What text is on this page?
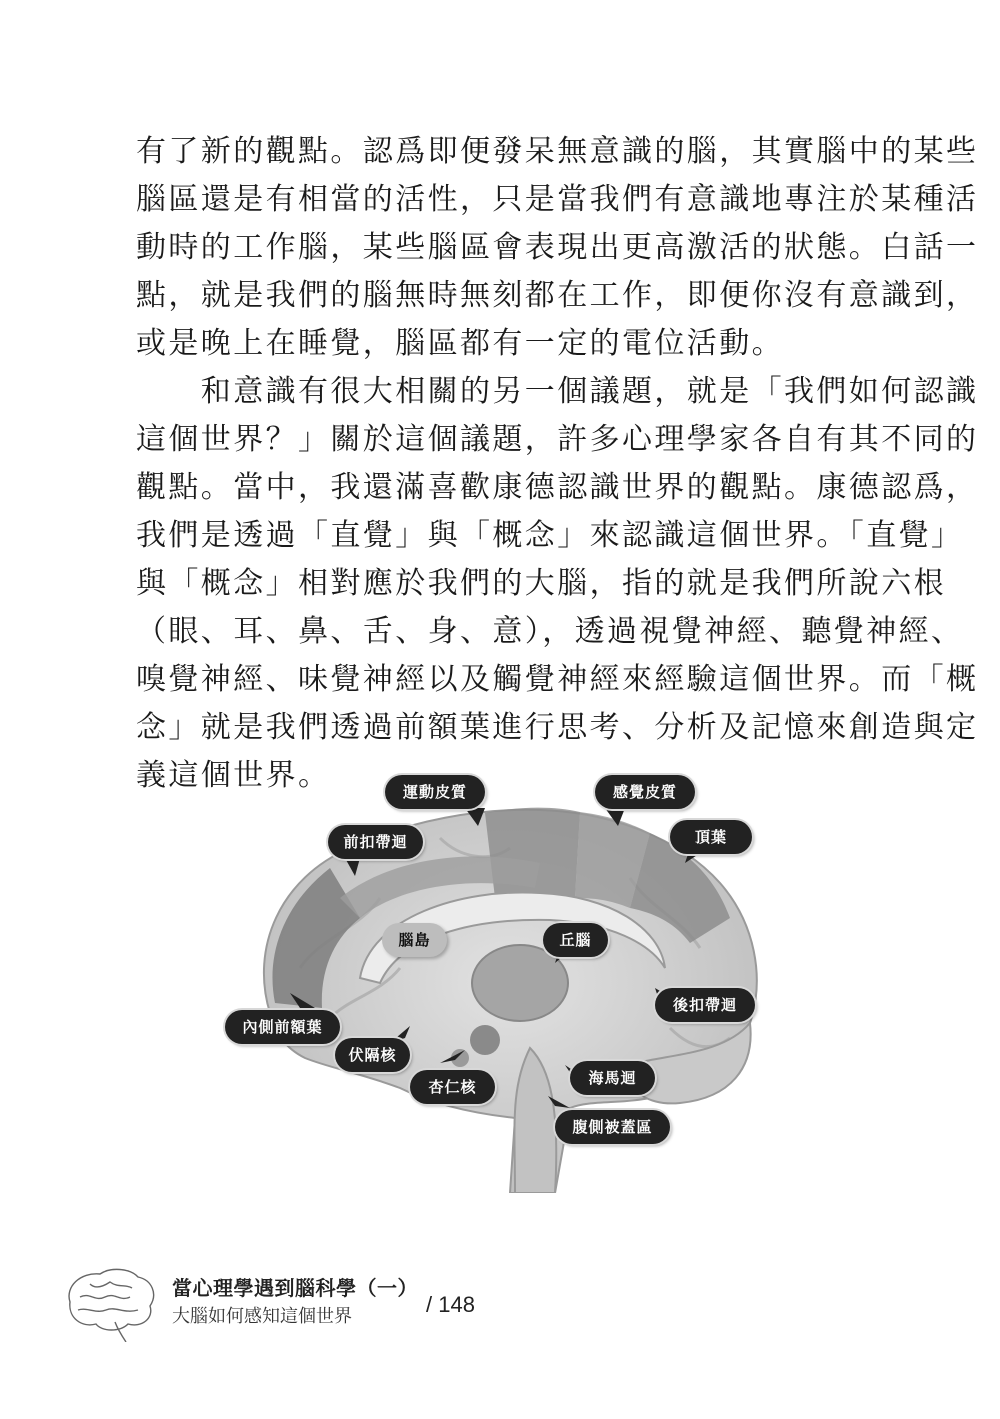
有了新的觀點。認爲即便發呆無意識的腦，其實腦中的某些
腦區還是有相當的活性，只是當我們有意識地專注於某種活
動時的工作腦，某些腦區會表現出更高激活的狀態。白話一
點，就是我們的腦無時無刻都在工作，即便你沒有意識到，
或是晚上在睡覺，腦區都有一定的電位活動。
　　和意識有很大相關的另一個議題，就是「我們如何認識
這個世界？」關於這個議題，許多心理學家各自有其不同的
觀點。當中，我還滿喜歡康德認識世界的觀點。康德認爲，
我們是透過「直覺」與「概念」來認識這個世界。「直覺」
與「概念」相對應於我們的大腦，指的就是我們所說六根
（眼、耳、鼻、舌、身、意），透過視覺神經、聽覺神經、
嗅覺神經、味覺神經以及觸覺神經來經驗這個世界。而「概
念」就是我們透過前額葉進行思考、分析及記憶來創造與定
義這個世界。	運動皮質	感覺皮質
前扣帶迴	頂葉
腦島	丘腦
後扣帶迴
內側前額葉
伏隔核
杏仁核	海馬迴
腹側被蓋區
當心理學遇到腦科學（一）
大腦如何感知這個世界	/ 148
